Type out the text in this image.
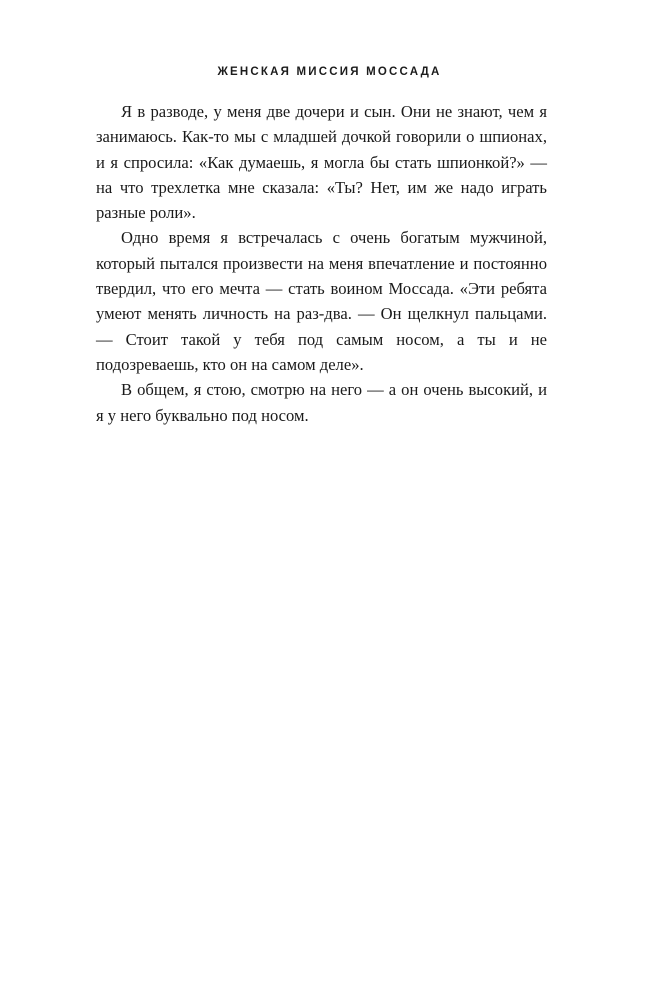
ЖЕНСКАЯ МИССИЯ МОССАДА

Я в разводе, у меня две дочери и сын. Они не знают, чем я занимаюсь. Как-то мы с младшей дочкой говорили о шпионах, и я спросила: «Как думаешь, я могла бы стать шпионкой?» — на что трехлетка мне сказала: «Ты? Нет, им же надо играть разные роли».

Одно время я встречалась с очень богатым мужчиной, который пытался произвести на меня впечатление и постоянно твердил, что его мечта — стать воином Моссада. «Эти ребята умеют менять личность на раз-два. — Он щелкнул пальцами. — Стоит такой у тебя под самым носом, а ты и не подозреваешь, кто он на самом деле».

В общем, я стою, смотрю на него — а он очень высокий, и я у него буквально под носом.
